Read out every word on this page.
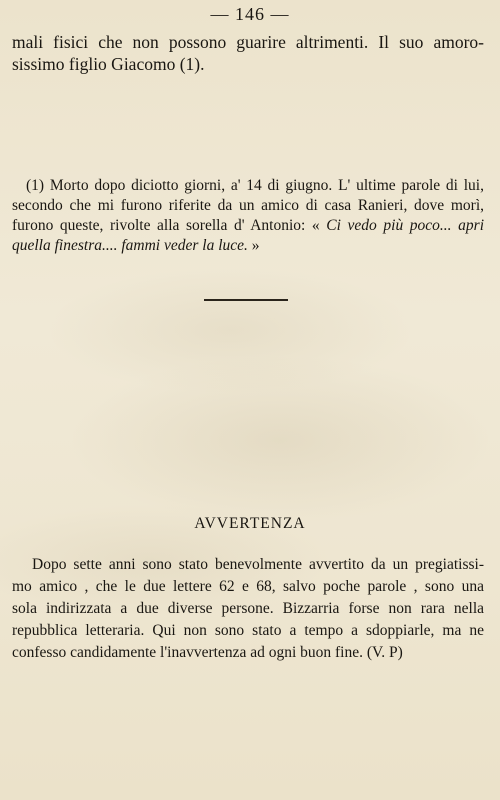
— 146 —
mali fisici che non possono guarire altrimenti. Il suo amoro-
sissimo figlio Giacomo (1).
(1) Morto dopo diciotto giorni, a' 14 di giugno. L' ultime parole di lui,
secondo che mi furono riferite da un amico di casa Ranieri, dove morì,
furono queste, rivolte alla sorella d' Antonio: « Ci vedo più poco... apri
quella finestra.... fammi veder la luce. »
AVVERTENZA
Dopo sette anni sono stato benevolmente avvertito da un pregiatissi-
mo amico , che le due lettere 62 e 68, salvo poche parole , sono una
sola indirizzata a due diverse persone. Bizzarria forse non rara nella
repubblica letteraria. Qui non sono stato a tempo a sdoppiarle, ma ne
confesso candidamente l'inavvertenza ad ogni buon fine. (V. P)
